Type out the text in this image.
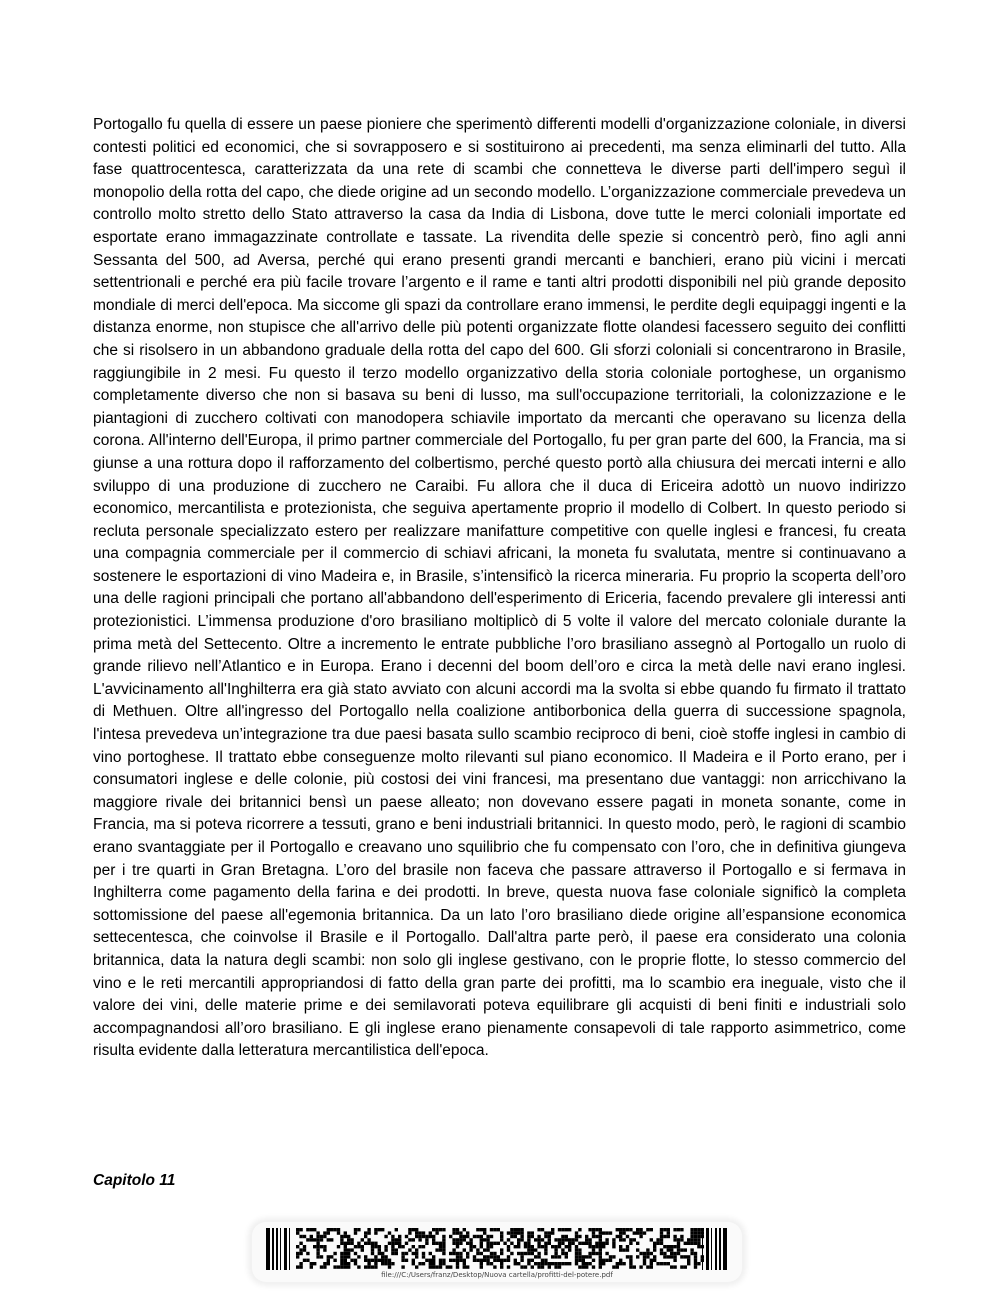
Portogallo fu quella di essere un paese pioniere che sperimentò differenti modelli d'organizzazione coloniale, in diversi contesti politici ed economici, che si sovrapposero e si sostituirono ai precedenti, ma senza eliminarli del tutto. Alla fase quattrocentesca, caratterizzata da una rete di scambi che connetteva le diverse parti dell'impero seguì il monopolio della rotta del capo, che diede origine ad un secondo modello. L’organizzazione commerciale prevedeva un controllo molto stretto dello Stato attraverso la casa da India di Lisbona, dove tutte le merci coloniali importate ed esportate erano immagazzinate controllate e tassate. La rivendita delle spezie si concentrò però, fino agli anni Sessanta del 500, ad Aversa, perché qui erano presenti grandi mercanti e banchieri, erano più vicini i mercati settentrionali e perché era più facile trovare l’argento e il rame e tanti altri prodotti disponibili nel più grande deposito mondiale di merci dell'epoca. Ma siccome gli spazi da controllare erano immensi, le perdite degli equipaggi ingenti e la distanza enorme, non stupisce che all'arrivo delle più potenti organizzate flotte olandesi facessero seguito dei conflitti che si risolsero in un abbandono graduale della rotta del capo del 600. Gli sforzi coloniali si concentrarono in Brasile, raggiungibile in 2 mesi. Fu questo il terzo modello organizzativo della storia coloniale portoghese, un organismo completamente diverso che non si basava su beni di lusso, ma sull'occupazione territoriali, la colonizzazione e le piantagioni di zucchero coltivati con manodopera schiavile importato da mercanti che operavano su licenza della corona. All'interno dell'Europa, il primo partner commerciale del Portogallo, fu per gran parte del 600, la Francia, ma si giunse a una rottura dopo il rafforzamento del colbertismo, perché questo portò alla chiusura dei mercati interni e allo sviluppo di una produzione di zucchero ne Caraibi. Fu allora che il duca di Ericeira adottò un nuovo indirizzo economico, mercantilista e protezionista, che seguiva apertamente proprio il modello di Colbert. In questo periodo si recluta personale specializzato estero per realizzare manifatture competitive con quelle inglesi e francesi, fu creata una compagnia commerciale per il commercio di schiavi africani, la moneta fu svalutata, mentre si continuavano a sostenere le esportazioni di vino Madeira e, in Brasile, s’intensificò la ricerca mineraria. Fu proprio la scoperta dell’oro una delle ragioni principali che portano all'abbandono dell'esperimento di Ericeria, facendo prevalere gli interessi anti protezionistici. L’immensa produzione d'oro brasiliano moltiplicò di 5 volte il valore del mercato coloniale durante la prima metà del Settecento. Oltre a incremento le entrate pubbliche l’oro brasiliano assegnò al Portogallo un ruolo di grande rilievo nell’Atlantico e in Europa. Erano i decenni del boom dell’oro e circa la metà delle navi erano inglesi. L'avvicinamento all'Inghilterra era già stato avviato con alcuni accordi ma la svolta si ebbe quando fu firmato il trattato di Methuen. Oltre all'ingresso del Portogallo nella coalizione antiborbonica della guerra di successione spagnola, l'intesa prevedeva un’integrazione tra due paesi basata sullo scambio reciproco di beni, cioè stoffe inglesi in cambio di vino portoghese. Il trattato ebbe conseguenze molto rilevanti sul piano economico. Il Madeira e il Porto erano, per i consumatori inglese e delle colonie, più costosi dei vini francesi, ma presentano due vantaggi: non arricchivano la maggiore rivale dei britannici bensì un paese alleato; non dovevano essere pagati in moneta sonante, come in Francia, ma si poteva ricorrere a tessuti, grano e beni industriali britannici. In questo modo, però, le ragioni di scambio erano svantaggiate per il Portogallo e creavano uno squilibrio che fu compensato con l’oro, che in definitiva giungeva per i tre quarti in Gran Bretagna. L’oro del brasile non faceva che passare attraverso il Portogallo e si fermava in Inghilterra come pagamento della farina e dei prodotti. In breve, questa nuova fase coloniale significò la completa sottomissione del paese all'egemonia britannica. Da un lato l’oro brasiliano diede origine all’espansione economica settecentesca, che coinvolse il Brasile e il Portogallo. Dall'altra parte però, il paese era considerato una colonia britannica, data la natura degli scambi: non solo gli inglese gestivano, con le proprie flotte, lo stesso commercio del vino e le reti mercantili appropriandosi di fatto della gran parte dei profitti, ma lo scambio era ineguale, visto che il valore dei vini, delle materie prime e dei semilavorati poteva equilibrare gli acquisti di beni finiti e industriali solo accompagnandosi all’oro brasiliano. E gli inglese erano pienamente consapevoli di tale rapporto asimmetrico, come risulta evidente dalla letteratura mercantilistica dell'epoca.

Capitolo 11
file:///C:/Users/franz/Desktop/Nuova cartella/profitti-del-potere.pdf
